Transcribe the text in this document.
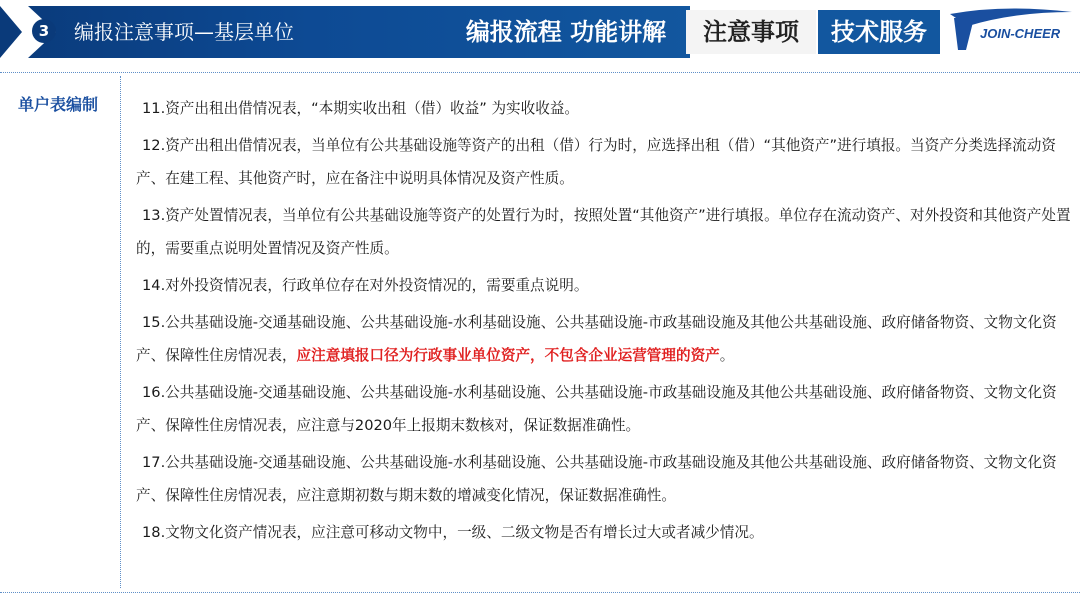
3	编报注意事项—基层单位	编报流程 功能讲解	注意事项	技术服务	JOIN-CHEER
单户表编制	11.资产出租出借情况表，“本期实收出租（借）收益” 为实收收益。

12.资产出租出借情况表，当单位有公共基础设施等资产的出租（借）行为时，应选择出租（借）“其他资产”进行填报。当资产分类选择流动资产、在建工程、其他资产时，应在备注中说明具体情况及资产性质。

13.资产处置情况表，当单位有公共基础设施等资产的处置行为时，按照处置“其他资产”进行填报。单位存在流动资产、对外投资和其他资产处置的，需要重点说明处置情况及资产性质。

14.对外投资情况表，行政单位存在对外投资情况的，需要重点说明。

15.公共基础设施-交通基础设施、公共基础设施-水利基础设施、公共基础设施-市政基础设施及其他公共基础设施、政府储备物资、文物文化资产、保障性住房情况表，应注意填报口径为行政事业单位资产，不包含企业运营管理的资产。

16.公共基础设施-交通基础设施、公共基础设施-水利基础设施、公共基础设施-市政基础设施及其他公共基础设施、政府储备物资、文物文化资产、保障性住房情况表，应注意与2020年上报期末数核对，保证数据准确性。

17.公共基础设施-交通基础设施、公共基础设施-水利基础设施、公共基础设施-市政基础设施及其他公共基础设施、政府储备物资、文物文化资产、保障性住房情况表，应注意期初数与期末数的增减变化情况，保证数据准确性。

18.文物文化资产情况表，应注意可移动文物中，一级、二级文物是否有增长过大或者减少情况。
